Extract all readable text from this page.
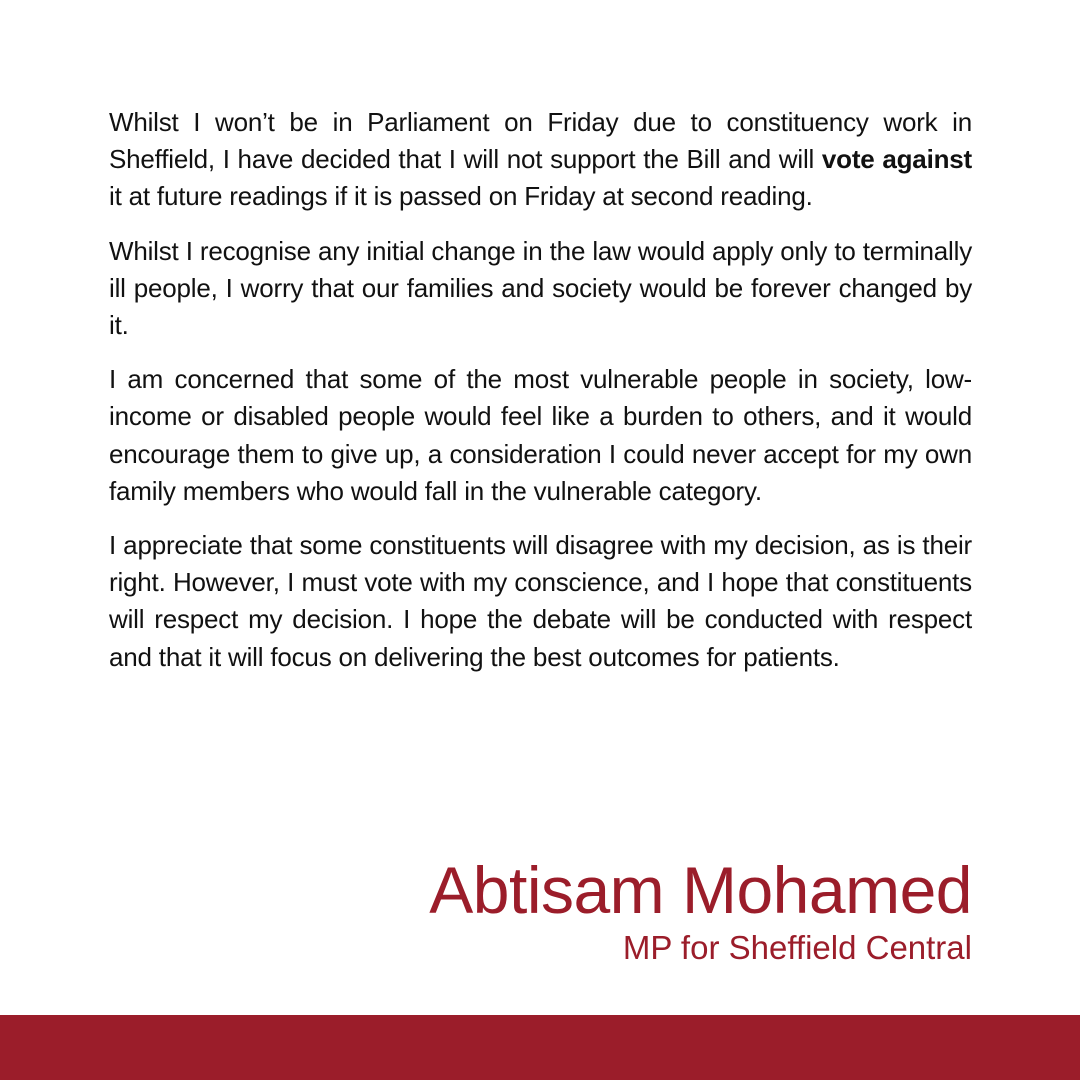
Whilst I won’t be in Parliament on Friday due to constituency work in Sheffield, I have decided that I will not support the Bill and will vote against it at future readings if it is passed on Friday at second reading.

Whilst I recognise any initial change in the law would apply only to terminally ill people, I worry that our families and society would be forever changed by it.

I am concerned that some of the most vulnerable people in society, low-income or disabled people would feel like a burden to others, and it would encourage them to give up, a consideration I could never accept for my own family members who would fall in the vulnerable category.

I appreciate that some constituents will disagree with my decision, as is their right. However, I must vote with my conscience, and I hope that constituents will respect my decision. I hope the debate will be conducted with respect and that it will focus on delivering the best outcomes for patients.

Abtisam Mohamed

MP for Sheffield Central
